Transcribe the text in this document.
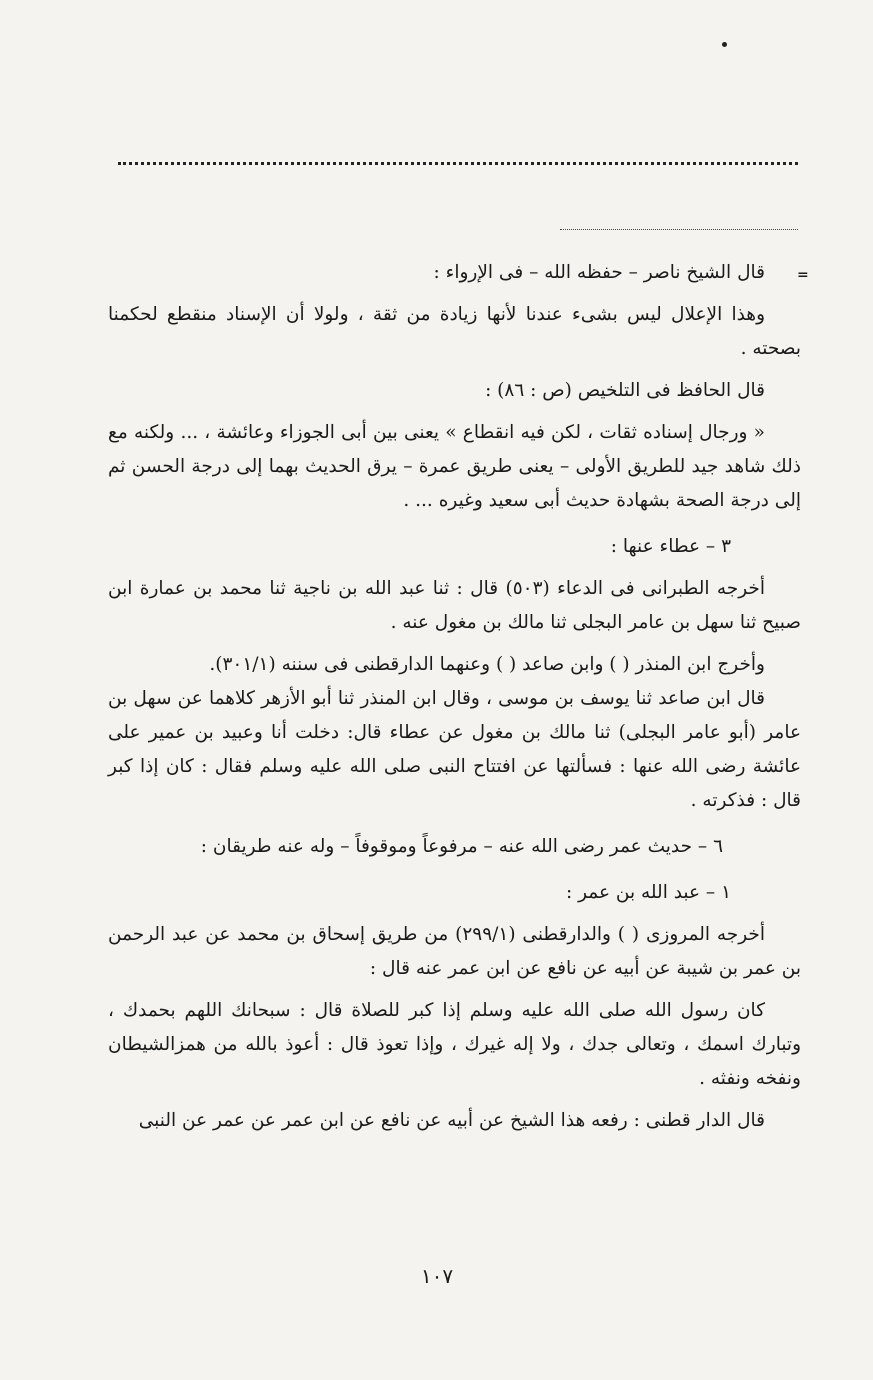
=

قال الشيخ ناصر – حفظه الله – فى الإرواء :

وهذا الإعلال ليس بشىء عندنا لأنها زيادة من ثقة ، ولولا أن الإسناد منقطع لحكمنا بصحته .

قال الحافظ فى التلخيص (ص : ٨٦) :

« ورجال إسناده ثقات ، لكن فيه انقطاع » يعنى بين أبى الجوزاء وعائشة ، ... ولكنه مع ذلك شاهد جيد للطريق الأولى – يعنى طريق عمرة – يرق الحديث بهما إلى درجة الحسن ثم إلى درجة الصحة بشهادة حديث أبى سعيد وغيره ... .

٣ – عطاء عنها :

أخرجه الطبرانى فى الدعاء (٥٠٣) قال : ثنا عبد الله بن ناجية ثنا محمد بن عمارة ابن صبيح ثنا سهل بن عامر البجلى ثنا مالك بن مغول عنه .

وأخرج ابن المنذر ( ) وابن صاعد ( ) وعنهما الدارقطنى فى سننه (٣٠١/١).

قال ابن صاعد ثنا يوسف بن موسى ، وقال ابن المنذر ثنا أبو الأزهر كلاهما عن سهل بن عامر (أبو عامر البجلى) ثنا مالك بن مغول عن عطاء قال: دخلت أنا وعبيد بن عمير على عائشة رضى الله عنها : فسألتها عن افتتاح النبى صلى الله عليه وسلم فقال : كان إذا كبر قال : فذكرته .

٦ – حديث عمر رضى الله عنه – مرفوعاً وموقوفاً – وله عنه طريقان :

١ – عبد الله بن عمر :

أخرجه المروزى ( ) والدارقطنى (٢٩٩/١) من طريق إسحاق بن محمد عن عبد الرحمن بن عمر بن شيبة عن أبيه عن نافع عن ابن عمر عنه قال :

كان رسول الله صلى الله عليه وسلم إذا كبر للصلاة قال : سبحانك اللهم بحمدك ، وتبارك اسمك ، وتعالى جدك ، ولا إله غيرك ، وإذا تعوذ قال : أعوذ بالله من همزالشيطان ونفخه ونفثه .

قال الدار قطنى : رفعه هذا الشيخ عن أبيه عن نافع عن ابن عمر عن عمر عن النبى

١٠٧
